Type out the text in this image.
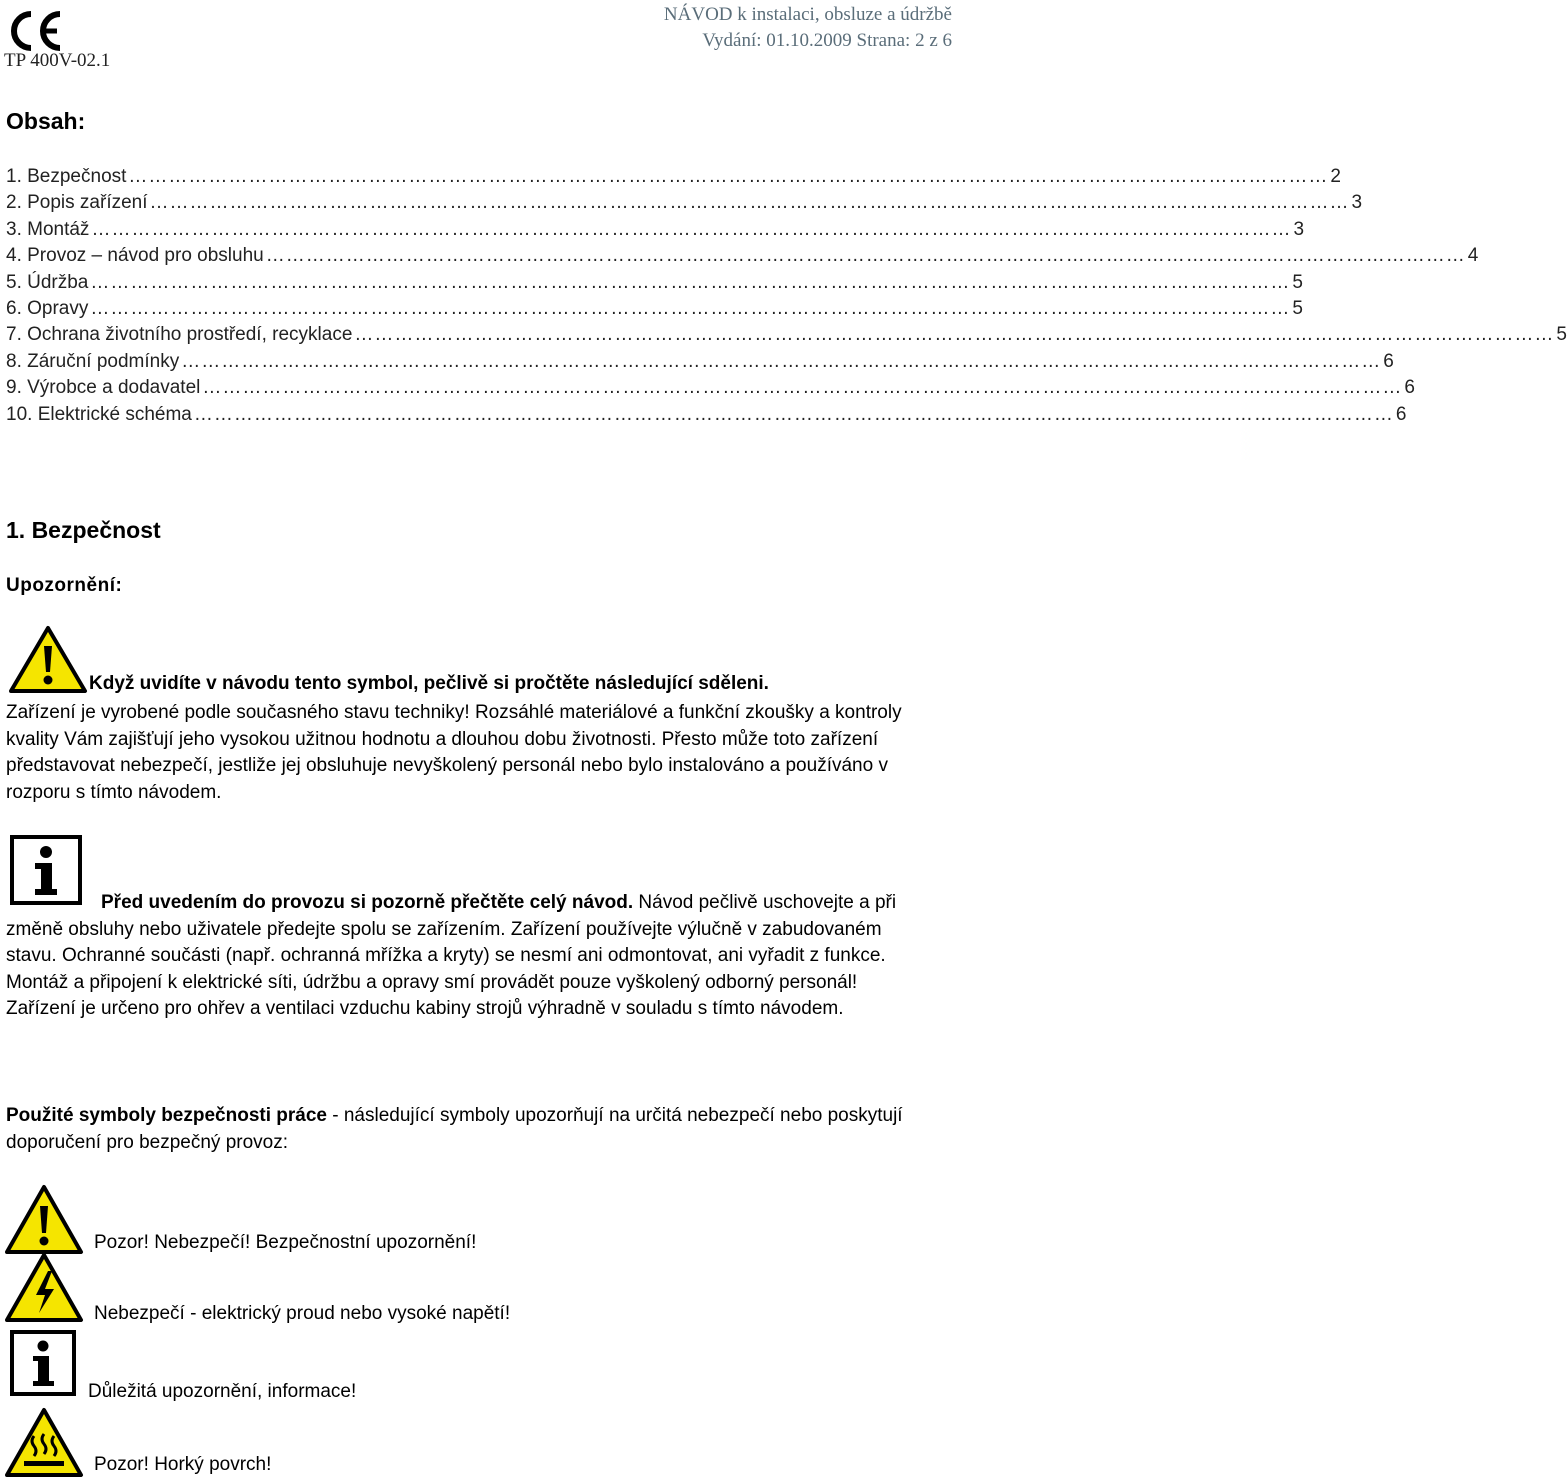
TP 400V-02.1
NÁVOD k instalaci, obsluze a údržbě
Vydání: 01.10.2009 Strana: 2 z 6
Obsah:
1. Bezpečnost ……………………………………………………………………………………………………………………………………………………………… 2
2. Popis zařízení ……………………………………………………………………………………………………………………………………………………………… 3
3. Montáž ……………………………………………………………………………………………………………………………………………………………… 3
4. Provoz – návod pro obsluhu ……………………………………………………………………………………………………………………………………………………………… 4
5. Údržba ……………………………………………………………………………………………………………………………………………………………… 5
6. Opravy ……………………………………………………………………………………………………………………………………………………………… 5
7. Ochrana životního prostředí, recyklace ……………………………………………………………………………………………………………………………………………………………… 5
8. Záruční podmínky ……………………………………………………………………………………………………………………………………………………………… 6
9. Výrobce a dodavatel ……………………………………………………………………………………………………………………………………………………………… 6
10. Elektrické schéma ……………………………………………………………………………………………………………………………………………………………… 6
1. Bezpečnost
Upozornění:
Když uvidíte v návodu tento symbol, pečlivě si pročtěte následující sděleni.
Zařízení je vyrobené podle současného stavu techniky! Rozsáhlé materiálové a funkční zkoušky a kontroly kvality Vám zajišťují jeho vysokou užitnou hodnotu a dlouhou dobu životnosti. Přesto může toto zařízení představovat nebezpečí, jestliže jej obsluhuje nevyškolený personál nebo bylo instalováno a používáno v rozporu s tímto návodem.
Před uvedením do provozu si pozorně přečtěte celý návod. Návod pečlivě uschovejte a při změně obsluhy nebo uživatele předejte spolu se zařízením. Zařízení používejte výlučně v zabudovaném stavu. Ochranné součásti (např. ochranná mřížka a kryty) se nesmí ani odmontovat, ani vyřadit z funkce. Montáž a připojení k elektrické síti, údržbu a opravy smí provádět pouze vyškolený odborný personál! Zařízení je určeno pro ohřev a ventilaci vzduchu kabiny strojů výhradně v souladu s tímto návodem.
Použité symboly bezpečnosti práce - následující symboly upozorňují na určitá nebezpečí nebo poskytují doporučení pro bezpečný provoz:
Pozor! Nebezpečí! Bezpečnostní upozornění!
Nebezpečí - elektrický proud nebo vysoké napětí!
Důležitá upozornění, informace!
Pozor! Horký povrch!
